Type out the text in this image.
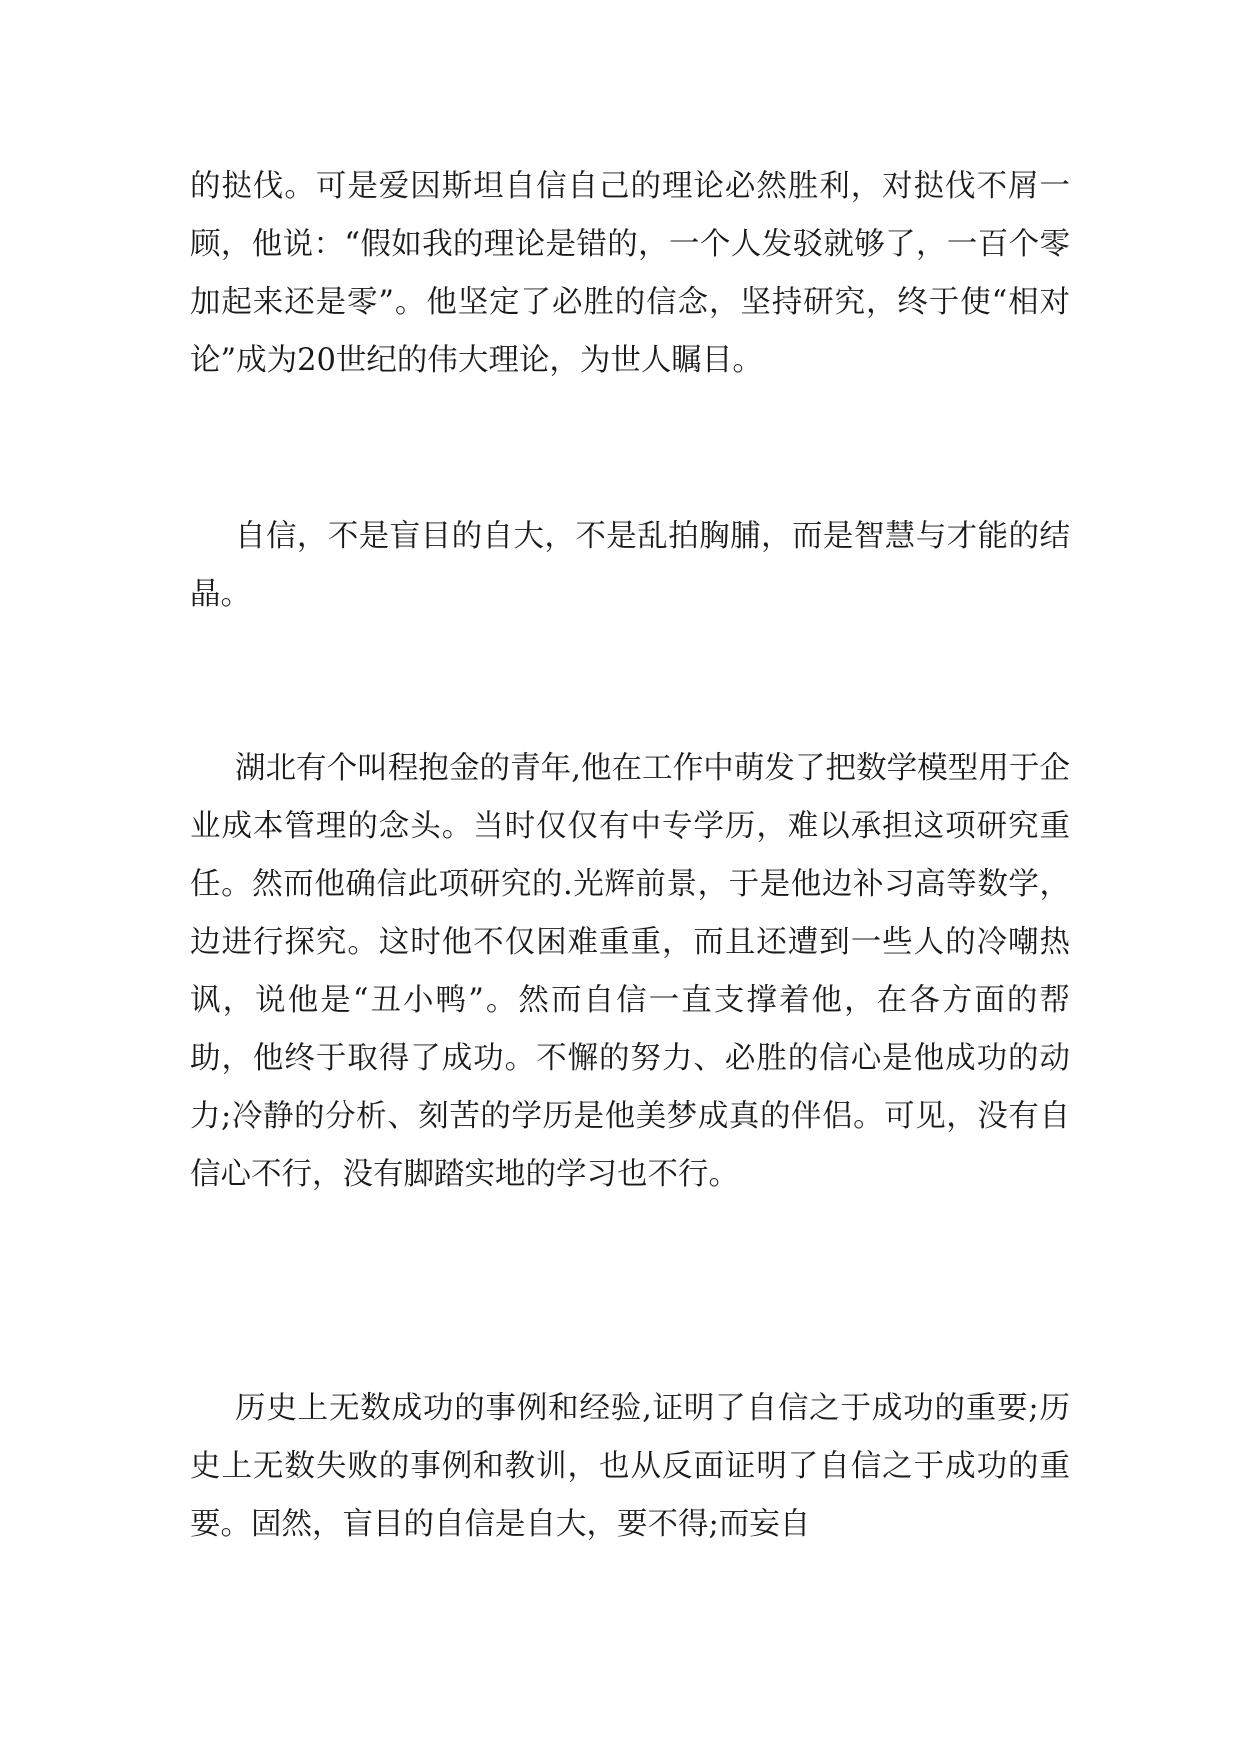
的挞伐。可是爱因斯坦自信自己的理论必然胜利，对挞伐不屑一顾，他说：“假如我的理论是错的，一个人发驳就够了，一百个零加起来还是零”。他坚定了必胜的信念，坚持研究，终于使“相对论”成为20世纪的伟大理论，为世人瞩目。

自信，不是盲目的自大，不是乱拍胸脯，而是智慧与才能的结晶。

湖北有个叫程抱金的青年,他在工作中萌发了把数学模型用于企业成本管理的念头。当时仅仅有中专学历，难以承担这项研究重任。然而他确信此项研究的.光辉前景，于是他边补习高等数学，边进行探究。这时他不仅困难重重，而且还遭到一些人的冷嘲热讽，说他是“丑小鸭”。然而自信一直支撑着他，在各方面的帮助，他终于取得了成功。不懈的努力、必胜的信心是他成功的动力;冷静的分析、刻苦的学历是他美梦成真的伴侣。可见，没有自信心不行，没有脚踏实地的学习也不行。

历史上无数成功的事例和经验,证明了自信之于成功的重要;历史上无数失败的事例和教训，也从反面证明了自信之于成功的重要。固然，盲目的自信是自大，要不得;而妄自
